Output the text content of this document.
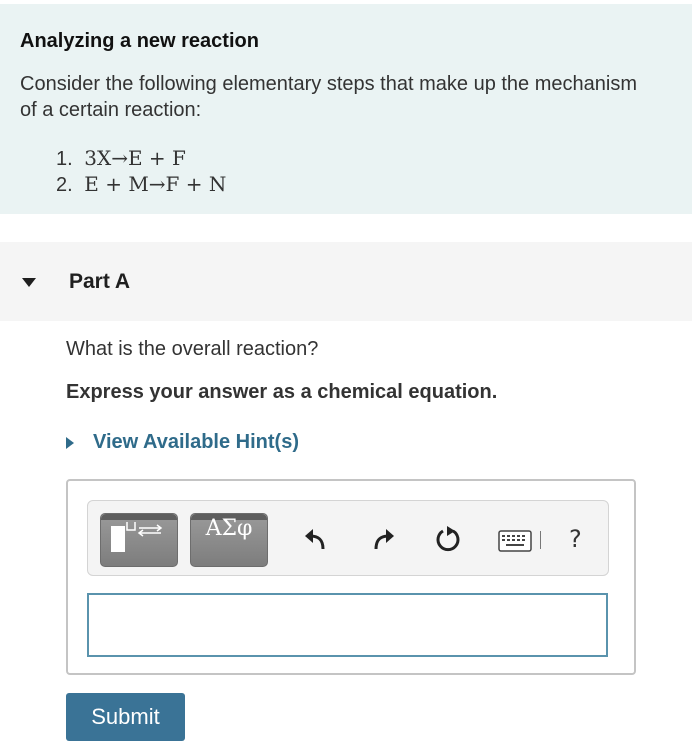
Analyzing a new reaction
Consider the following elementary steps that make up the mechanism
of a certain reaction:
1. 3X→E + F
2. E + M→F + N
Part A
What is the overall reaction?
Express your answer as a chemical equation.
View Available Hint(s)
ΑΣφ	?
Submit
